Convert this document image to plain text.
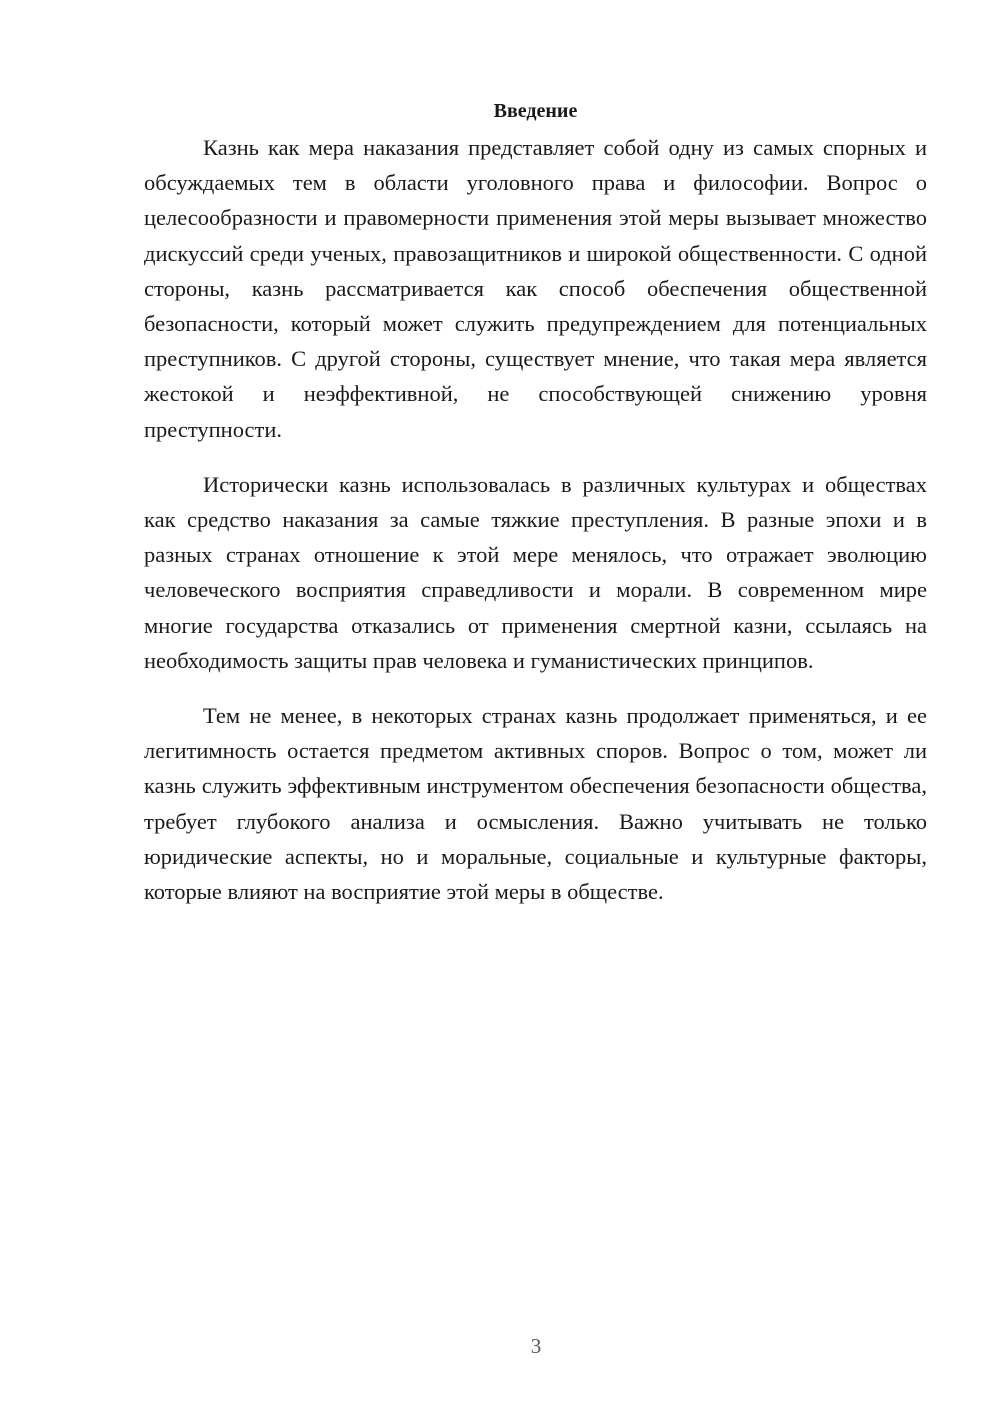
Введение

Казнь как мера наказания представляет собой одну из самых спорных и обсуждаемых тем в области уголовного права и философии. Вопрос о целесообразности и правомерности применения этой меры вызывает множество дискуссий среди ученых, правозащитников и широкой общественности. С одной стороны, казнь рассматривается как способ обеспечения общественной безопасности, который может служить предупреждением для потенциальных преступников. С другой стороны, существует мнение, что такая мера является жестокой и неэффективной, не способствующей снижению уровня преступности.

Исторически казнь использовалась в различных культурах и обществах как средство наказания за самые тяжкие преступления. В разные эпохи и в разных странах отношение к этой мере менялось, что отражает эволюцию человеческого восприятия справедливости и морали. В современном мире многие государства отказались от применения смертной казни, ссылаясь на необходимость защиты прав человека и гуманистических принципов.

Тем не менее, в некоторых странах казнь продолжает применяться, и ее легитимность остается предметом активных споров. Вопрос о том, может ли казнь служить эффективным инструментом обеспечения безопасности общества, требует глубокого анализа и осмысления. Важно учитывать не только юридические аспекты, но и моральные, социальные и культурные факторы, которые влияют на восприятие этой меры в обществе.

3
